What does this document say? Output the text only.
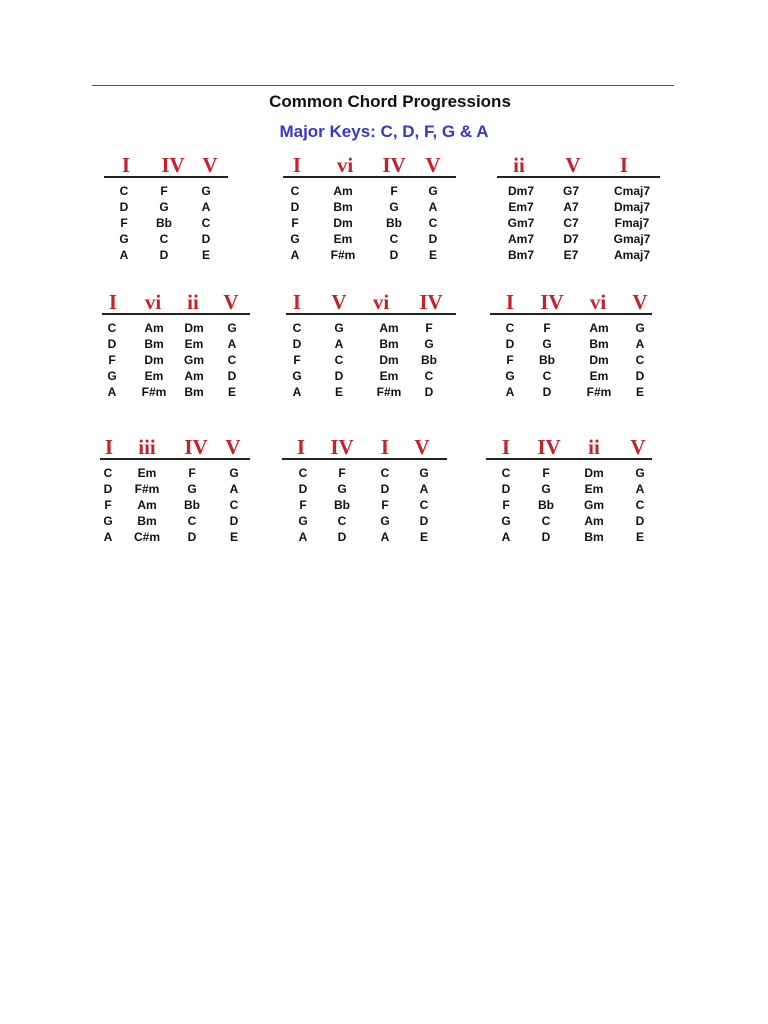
Common Chord Progressions
Major Keys: C, D, F, G & A
I IV V
C	F	G
D	G	A
F Bb C
G	C	D
A	D	E
I vi IV V
C	Am	F	G
D	Bm	G A
F	Dm	Bb C
G	Em	C	D
A	F#m	D	E
ii V I
Dm7 G7	Cmaj7
Em7 A7	Dmaj7
Gm7 C7	Fmaj7
Am7 D7	Gmaj7
Bm7 E7	Amaj7
I vi ii V
C Am Dm G
D Bm Em A
F Dm Gm C
G Em Am D
A F#m Bm E
I V vi IV
C	G	Am F
D	A	Bm G
F	C	Dm Bb
G	D	Em C
A	E	F#m D
I IV vi V
C F	Am G
D G	Bm A
F Bb	Dm C
G C	Em D
A D	F#m E
I iii IV V
C Em	F	G
D F#m G	A
F Am Bb C
G Bm	C	D
A C#m D	E
I IV I V
C	F	C G
D G	D	A
F Bb	F	C
G C	G D
A	D	A	E
I IV ii V
C	F	Dm	G
D	G	Em	A
F Bb Gm	C
G	C	Am	D
A	D	Bm	E
